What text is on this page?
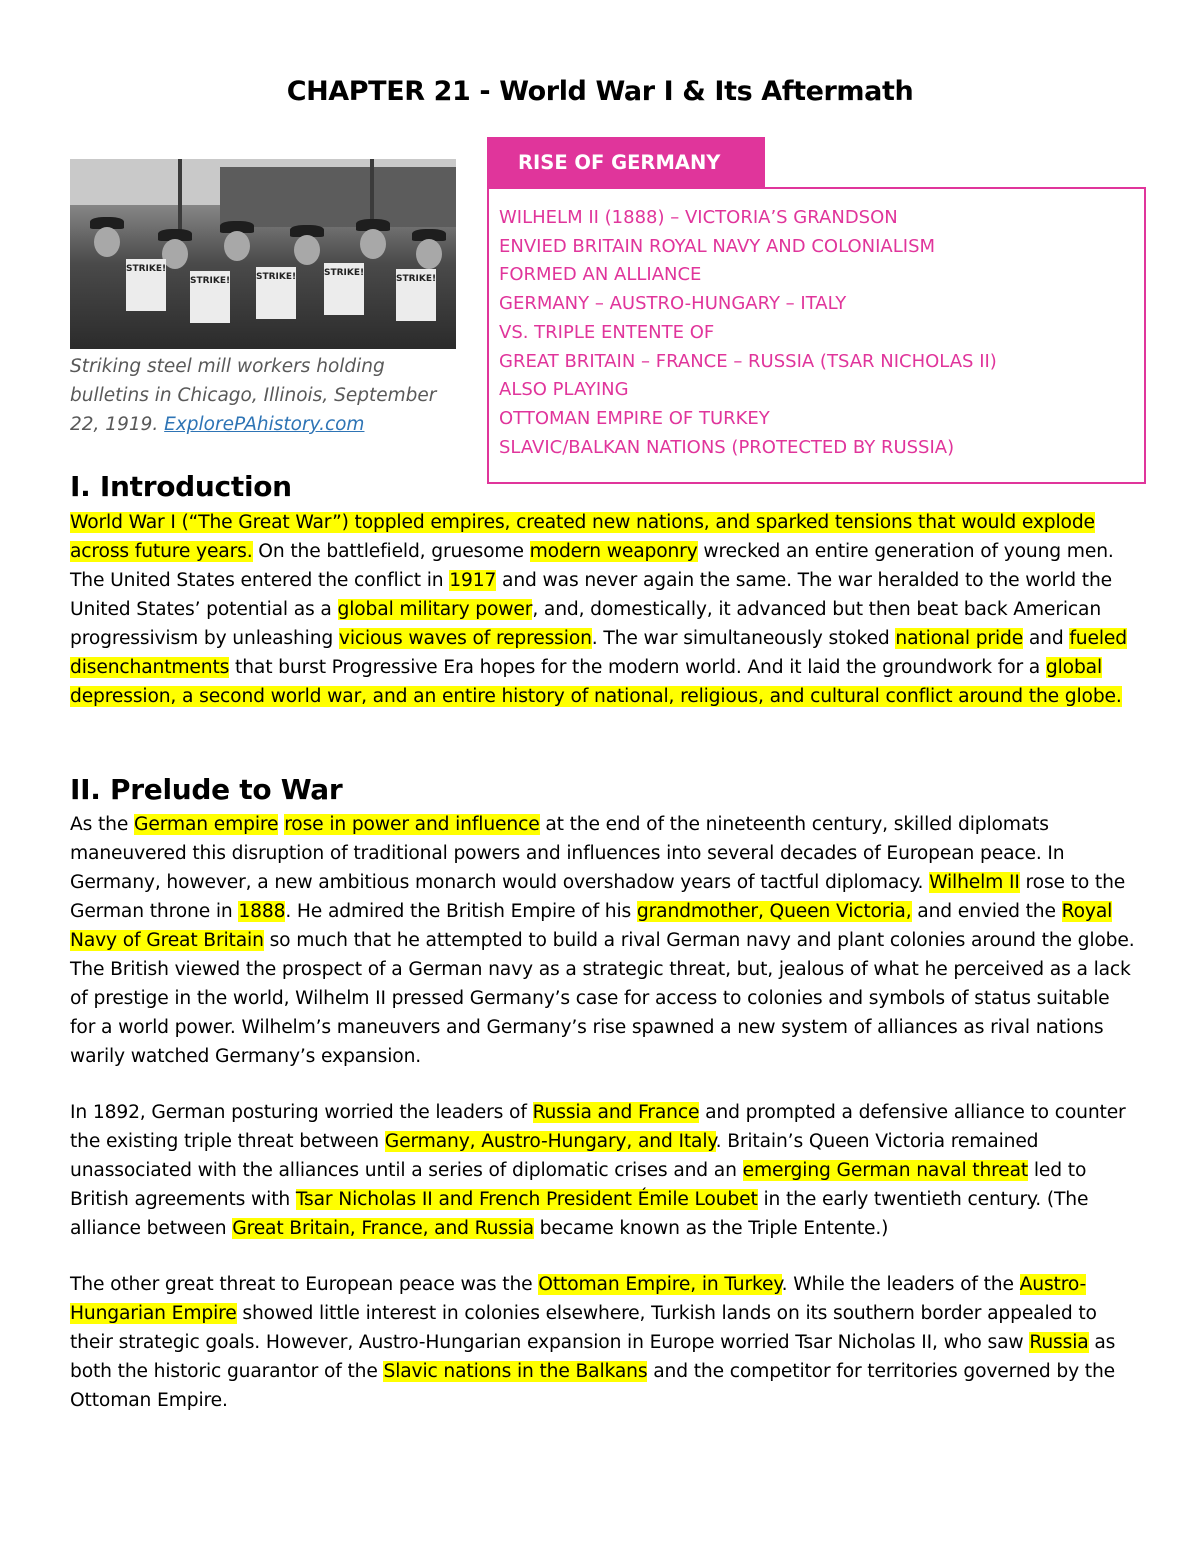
CHAPTER 21 - World War I & Its Aftermath
STRIKE!
STRIKE!	STRIKE!	STRIKE!
STRIKE!
Striking steel mill workers holding bulletins in Chicago, Illinois, September 22, 1919. ExplorePAhistory.com
RISE OF GERMANY
WILHELM II (1888) – VICTORIA’S GRANDSON
ENVIED BRITAIN ROYAL NAVY AND COLONIALISM
FORMED AN ALLIANCE
GERMANY – AUSTRO-HUNGARY – ITALY
VS. TRIPLE ENTENTE OF
GREAT BRITAIN – FRANCE – RUSSIA (TSAR NICHOLAS II)
ALSO PLAYING
OTTOMAN EMPIRE OF TURKEY
SLAVIC/BALKAN NATIONS (PROTECTED BY RUSSIA)
I. Introduction
World War I (“The Great War”) toppled empires, created new nations, and sparked tensions that would explode across future years. On the battlefield, gruesome modern weaponry wrecked an entire generation of young men. The United States entered the conflict in 1917 and was never again the same. The war heralded to the world the United States’ potential as a global military power, and, domestically, it advanced but then beat back American progressivism by unleashing vicious waves of repression. The war simultaneously stoked national pride and fueled disenchantments that burst Progressive Era hopes for the modern world. And it laid the groundwork for a global depression, a second world war, and an entire history of national, religious, and cultural conflict around the globe.
II. Prelude to War
As the German empire rose in power and influence at the end of the nineteenth century, skilled diplomats maneuvered this disruption of traditional powers and influences into several decades of European peace. In Germany, however, a new ambitious monarch would overshadow years of tactful diplomacy. Wilhelm II rose to the German throne in 1888. He admired the British Empire of his grandmother, Queen Victoria, and envied the Royal Navy of Great Britain so much that he attempted to build a rival German navy and plant colonies around the globe. The British viewed the prospect of a German navy as a strategic threat, but, jealous of what he perceived as a lack of prestige in the world, Wilhelm II pressed Germany’s case for access to colonies and symbols of status suitable for a world power. Wilhelm’s maneuvers and Germany’s rise spawned a new system of alliances as rival nations warily watched Germany’s expansion.
In 1892, German posturing worried the leaders of Russia and France and prompted a defensive alliance to counter the existing triple threat between Germany, Austro-Hungary, and Italy. Britain’s Queen Victoria remained unassociated with the alliances until a series of diplomatic crises and an emerging German naval threat led to British agreements with Tsar Nicholas II and French President Émile Loubet in the early twentieth century. (The alliance between Great Britain, France, and Russia became known as the Triple Entente.)
The other great threat to European peace was the Ottoman Empire, in Turkey. While the leaders of the Austro-Hungarian Empire showed little interest in colonies elsewhere, Turkish lands on its southern border appealed to their strategic goals. However, Austro-Hungarian expansion in Europe worried Tsar Nicholas II, who saw Russia as both the historic guarantor of the Slavic nations in the Balkans and the competitor for territories governed by the Ottoman Empire.
